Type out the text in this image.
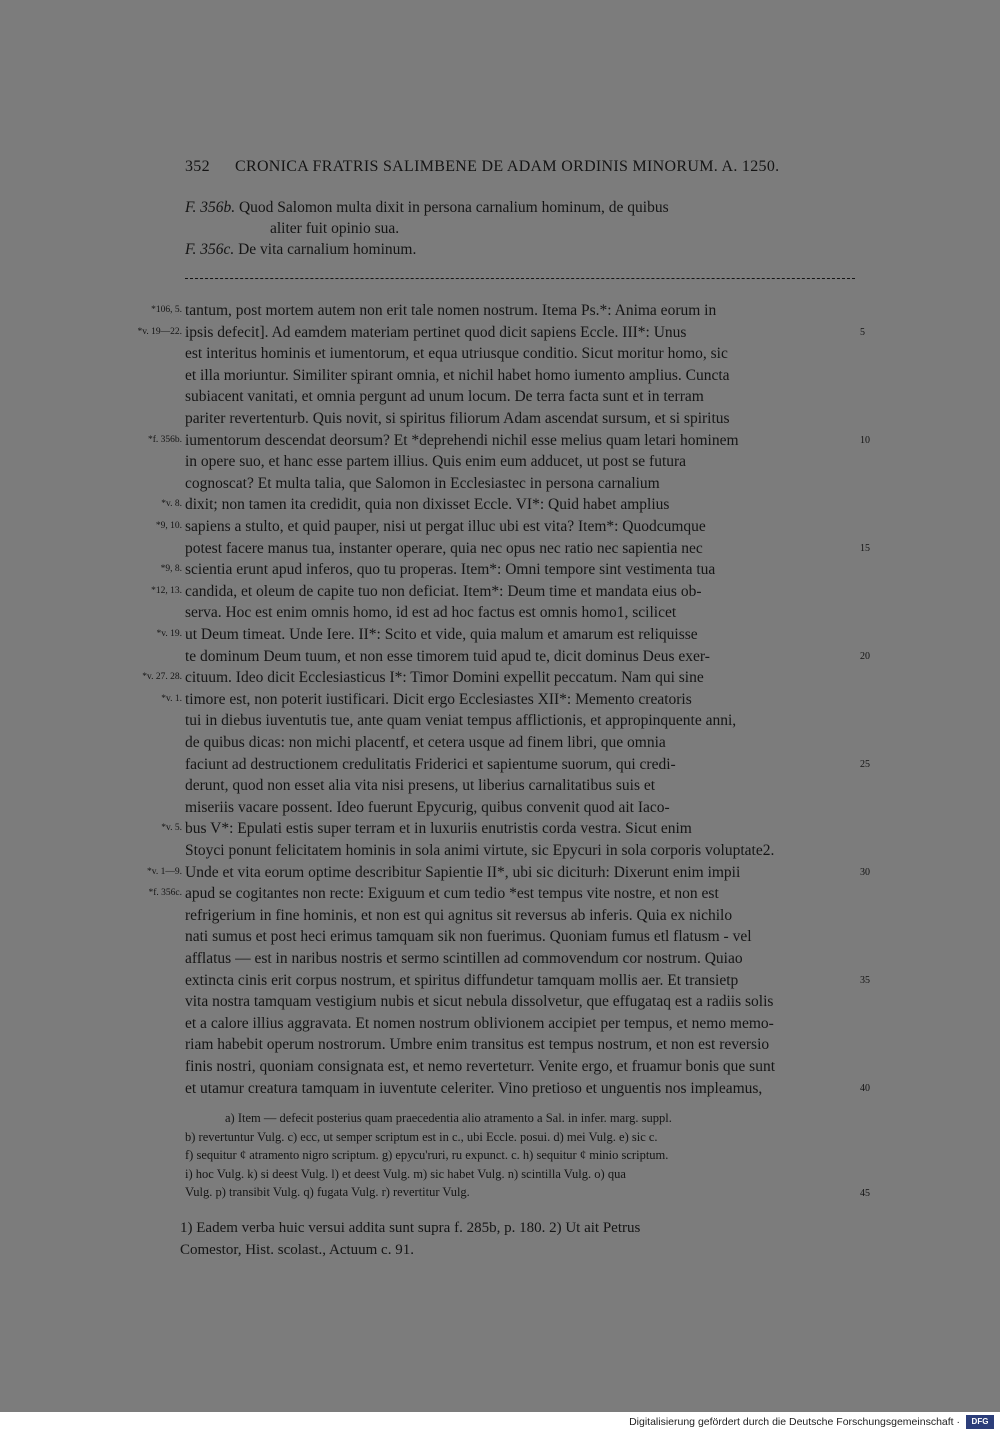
352 CRONICA FRATRIS SALIMBENE DE ADAM ORDINIS MINORUM. A. 1250.
F. 356b. Quod Salomon multa dixit in persona carnalium hominum, de quibus
aliter fuit opinio sua.
F. 356c. De vita carnalium hominum.
*106, 5. tantum, post mortem autem non erit tale nomen nostrum. Itema Ps.*: Anima eorum in
*v. 19—22. ipsis defecit]. Ad eamdem materiam pertinet quod dicit sapiens Eccle. III*: Unus	5
est interitus hominis et iumentorum, et equa utriusque conditio. Sicut moritur homo, sic
et illa moriuntur. Similiter spirant omnia, et nichil habet homo iumento amplius. Cuncta
subiacent vanitati, et omnia pergunt ad unum locum. De terra facta sunt et in terram
pariter revertenturb. Quis novit, si spiritus filiorum Adam ascendat sursum, et si spiritus
*f. 356b. iumentorum descendat deorsum? Et *deprehendi nichil esse melius quam letari hominem	10
in opere suo, et hanc esse partem illius. Quis enim eum adducet, ut post se futura
cognoscat? Et multa talia, que Salomon in Ecclesiastec in persona carnalium
*v. 8. dixit; non tamen ita credidit, quia non dixisset Eccle. VI*: Quid habet amplius
*9, 10. sapiens a stulto, et quid pauper, nisi ut pergat illuc ubi est vita? Item*: Quodcumque
potest facere manus tua, instanter operare, quia nec opus nec ratio nec sapientia nec	15
*9, 8. scientia erunt apud inferos, quo tu properas. Item*: Omni tempore sint vestimenta tua
*12, 13. candida, et oleum de capite tuo non deficiat. Item*: Deum time et mandata eius ob-
serva. Hoc est enim omnis homo, id est ad hoc factus est omnis homo1, scilicet
*v. 19. ut Deum timeat. Unde Iere. II*: Scito et vide, quia malum et amarum est reliquisse
te dominum Deum tuum, et non esse timorem tuid apud te, dicit dominus Deus exer-	20
*v. 27. 28. cituum. Ideo dicit Ecclesiasticus I*: Timor Domini expellit peccatum. Nam qui sine
*v. 1. timore est, non poterit iustificari. Dicit ergo Ecclesiastes XII*: Memento creatoris
tui in diebus iuventutis tue, ante quam veniat tempus afflictionis, et appropinquente anni,
de quibus dicas: non michi placentf, et cetera usque ad finem libri, que omnia
faciunt ad destructionem credulitatis Friderici et sapientume suorum, qui credi-	25
derunt, quod non esset alia vita nisi presens, ut liberius carnalitatibus suis et
miseriis vacare possent. Ideo fuerunt Epycurig, quibus convenit quod ait Iaco-
*v. 5. bus V*: Epulati estis super terram et in luxuriis enutristis corda vestra. Sicut enim
Stoyci ponunt felicitatem hominis in sola animi virtute, sic Epycuri in sola corporis voluptate2.
*v. 1—9. Unde et vita eorum optime describitur Sapientie II*, ubi sic diciturh: Dixerunt enim impii	30
*f. 356c. apud se cogitantes non recte: Exiguum et cum tedio *est tempus vite nostre, et non est
refrigerium in fine hominis, et non est qui agnitus sit reversus ab inferis. Quia ex nichilo
nati sumus et post heci erimus tamquam sik non fuerimus. Quoniam fumus etl flatusm - vel
afflatus — est in naribus nostris et sermo scintillen ad commovendum cor nostrum. Quiao
extincta cinis erit corpus nostrum, et spiritus diffundetur tamquam mollis aer. Et transietp	35
vita nostra tamquam vestigium nubis et sicut nebula dissolvetur, que effugataq est a radiis solis
et a calore illius aggravata. Et nomen nostrum oblivionem accipiet per tempus, et nemo memo-
riam habebit operum nostrorum. Umbre enim transitus est tempus nostrum, et non est reversio
finis nostri, quoniam consignata est, et nemo reverteturr. Venite ergo, et fruamur bonis que sunt
et utamur creatura tamquam in iuventute celeriter. Vino pretioso et unguentis nos impleamus,	40
a) Item — defecit posterius quam praecedentia alio atramento a Sal. in infer. marg. suppl.
b) revertuntur Vulg. c) ecc, ut semper scriptum est in c., ubi Eccle. posui. d) mei Vulg. e) sic c.
f) sequitur ¢ atramento nigro scriptum. g) epycu'ruri, ru expunct. c. h) sequitur ¢ minio scriptum.
i) hoc Vulg. k) si deest Vulg. l) et deest Vulg. m) sic habet Vulg. n) scintilla Vulg. o) qua
Vulg. p) transibit Vulg. q) fugata Vulg. r) revertitur Vulg.	45
1) Eadem verba huic versui addita sunt supra f. 285b, p. 180. 2) Ut ait Petrus
Comestor, Hist. scolast., Actuum c. 91.
Digitalisierung gefördert durch die Deutsche Forschungsgemeinschaft ·	DFG
